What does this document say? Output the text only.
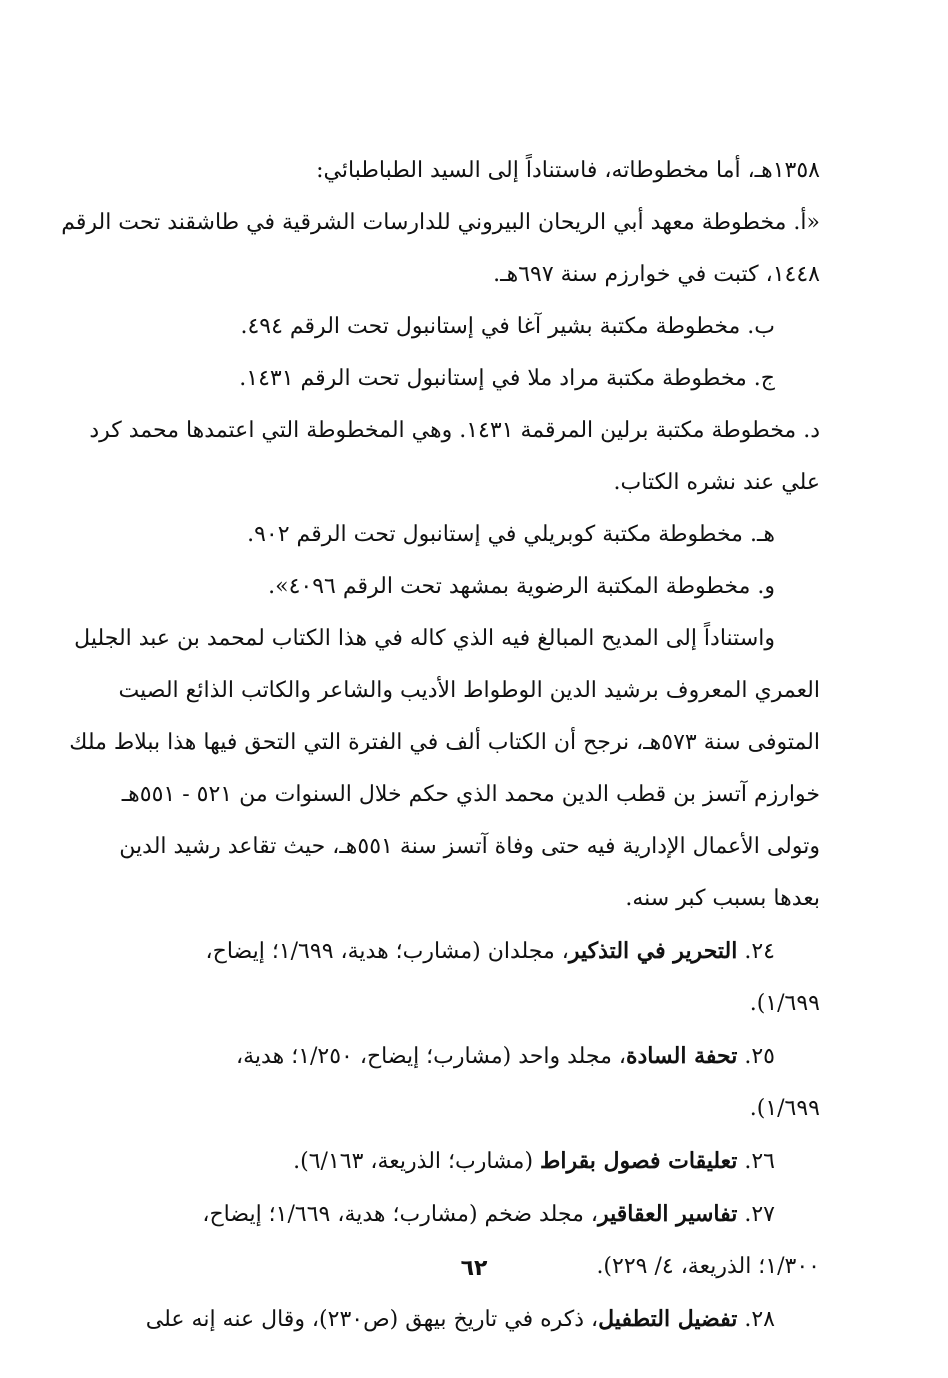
١٣٥٨هـ، أما مخطوطاته، فاستناداً إلى السيد الطباطبائي:
«أ. مخطوطة معهد أبي الريحان البيروني للدارسات الشرقية في طاشقند تحت الرقم
١٤٤٨، كتبت في خوارزم سنة ٦٩٧هـ.
ب. مخطوطة مكتبة بشير آغا في إستانبول تحت الرقم ٤٩٤.
ج. مخطوطة مكتبة مراد ملا في إستانبول تحت الرقم ١٤٣١.
د. مخطوطة مكتبة برلين المرقمة ١٤٣١. وهي المخطوطة التي اعتمدها محمد كرد
علي عند نشره الكتاب.
هـ. مخطوطة مكتبة كوبريلي في إستانبول تحت الرقم ٩٠٢.
و. مخطوطة المكتبة الرضوية بمشهد تحت الرقم ٤٠٩٦».
واستناداً إلى المديح المبالغ فيه الذي كاله في هذا الكتاب لمحمد بن عبد الجليل
العمري المعروف برشيد الدين الوطواط الأديب والشاعر والكاتب الذائع الصيت
المتوفى سنة ٥٧٣هـ، نرجح أن الكتاب ألف في الفترة التي التحق فيها هذا ببلاط ملك
خوارزم آتسز بن قطب الدين محمد الذي حكم خلال السنوات من ٥٢١ - ٥٥١هـ
وتولى الأعمال الإدارية فيه حتى وفاة آتسز سنة ٥٥١هـ، حيث تقاعد رشيد الدين
بعدها بسبب كبر سنه.
٢٤. التحرير في التذكير، مجلدان (مشارب؛ هدية، ١/٦٩٩؛ إيضاح،
١/٦٩٩).
٢٥. تحفة السادة، مجلد واحد (مشارب؛ إيضاح، ١/٢٥٠؛ هدية،
١/٦٩٩).
٢٦. تعليقات فصول بقراط (مشارب؛ الذريعة، ٦/١٦٣).
٢٧. تفاسير العقاقير، مجلد ضخم (مشارب؛ هدية، ١/٦٦٩؛ إيضاح،
١/٣٠٠؛ الذريعة، ٤/ ٢٢٩).
٢٨. تفضيل التطفيل، ذكره في تاريخ بيهق (ص٢٣٠)، وقال عنه إنه على
٦٢
